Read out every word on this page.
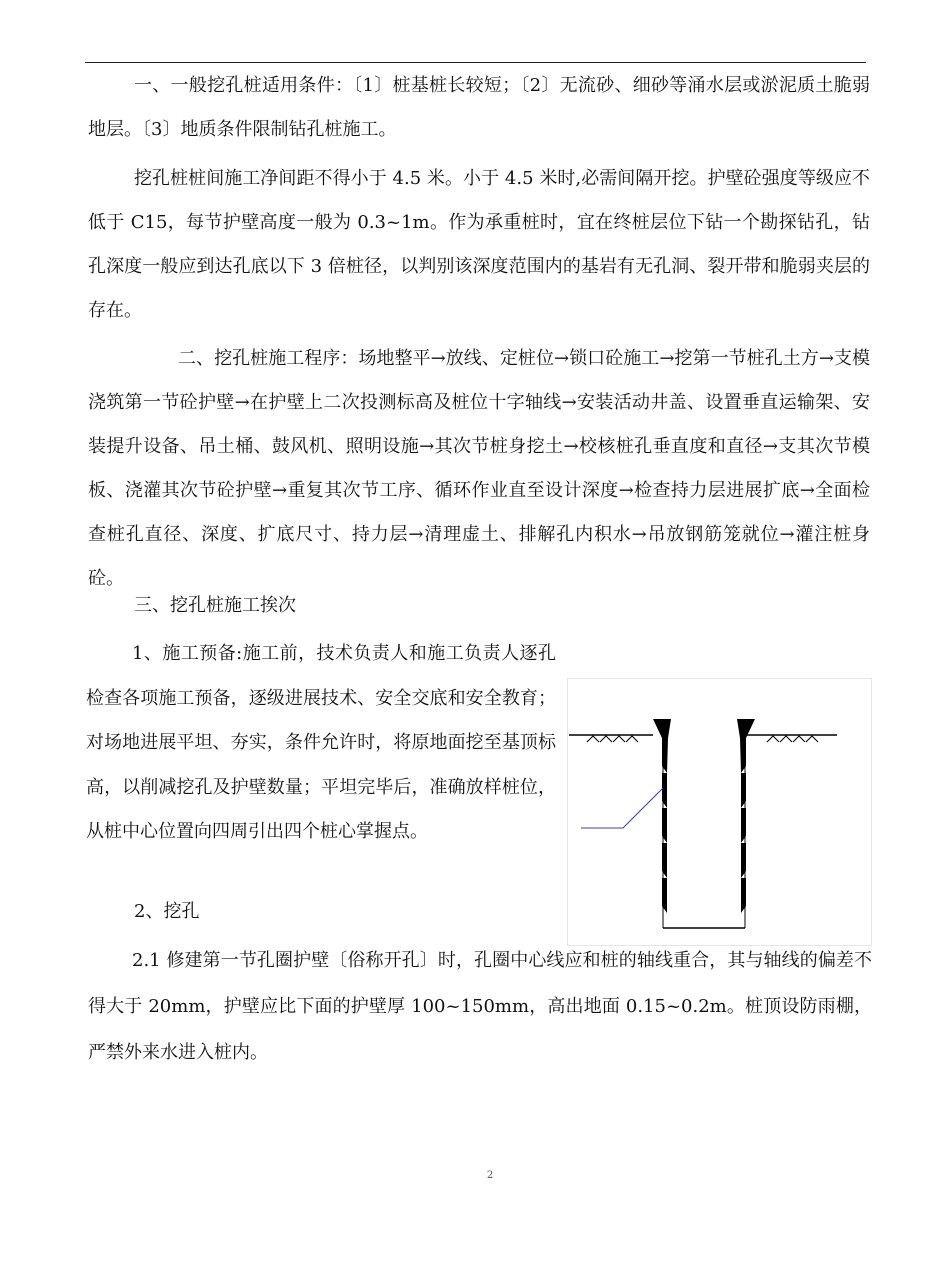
一、一般挖孔桩适用条件：〔1〕桩基桩长较短；〔2〕无流砂、细砂等涌水层或淤泥质土脆弱地层。〔3〕地质条件限制钻孔桩施工。

挖孔桩桩间施工净间距不得小于 4.5 米。小于 4.5 米时,必需间隔开挖。护壁砼强度等级应不低于 C15，每节护壁高度一般为 0.3~1m。作为承重桩时，宜在终桩层位下钻一个勘探钻孔，钻孔深度一般应到达孔底以下 3 倍桩径，以判别该深度范围内的基岩有无孔洞、裂开带和脆弱夹层的存在。

二、挖孔桩施工程序：场地整平→放线、定桩位→锁口砼施工→挖第一节桩孔土方→支模浇筑第一节砼护壁→在护壁上二次投测标高及桩位十字轴线→安装活动井盖、设置垂直运输架、安装提升设备、吊土桶、鼓风机、照明设施→其次节桩身挖土→校核桩孔垂直度和直径→支其次节模板、浇灌其次节砼护壁→重复其次节工序、循环作业直至设计深度→检查持力层进展扩底→全面检查桩孔直径、深度、扩底尺寸、持力层→清理虚土、排解孔内积水→吊放钢筋笼就位→灌注桩身砼。

三、挖孔桩施工挨次

1、施工预备:施工前，技术负责人和施工负责人逐孔检查各项施工预备，逐级进展技术、安全交底和安全教育；对场地进展平坦、夯实，条件允许时，将原地面挖至基顶标高，以削减挖孔及护壁数量；平坦完毕后，准确放样桩位，从桩中心位置向四周引出四个桩心掌握点。

2、挖孔

2.1 修建第一节孔圈护壁〔俗称开孔〕时，孔圈中心线应和桩的轴线重合，其与轴线的偏差不得大于 20mm，护壁应比下面的护壁厚 100~150mm，高出地面 0.15~0.2m。桩顶设防雨棚，严禁外来水进入桩内。

2
